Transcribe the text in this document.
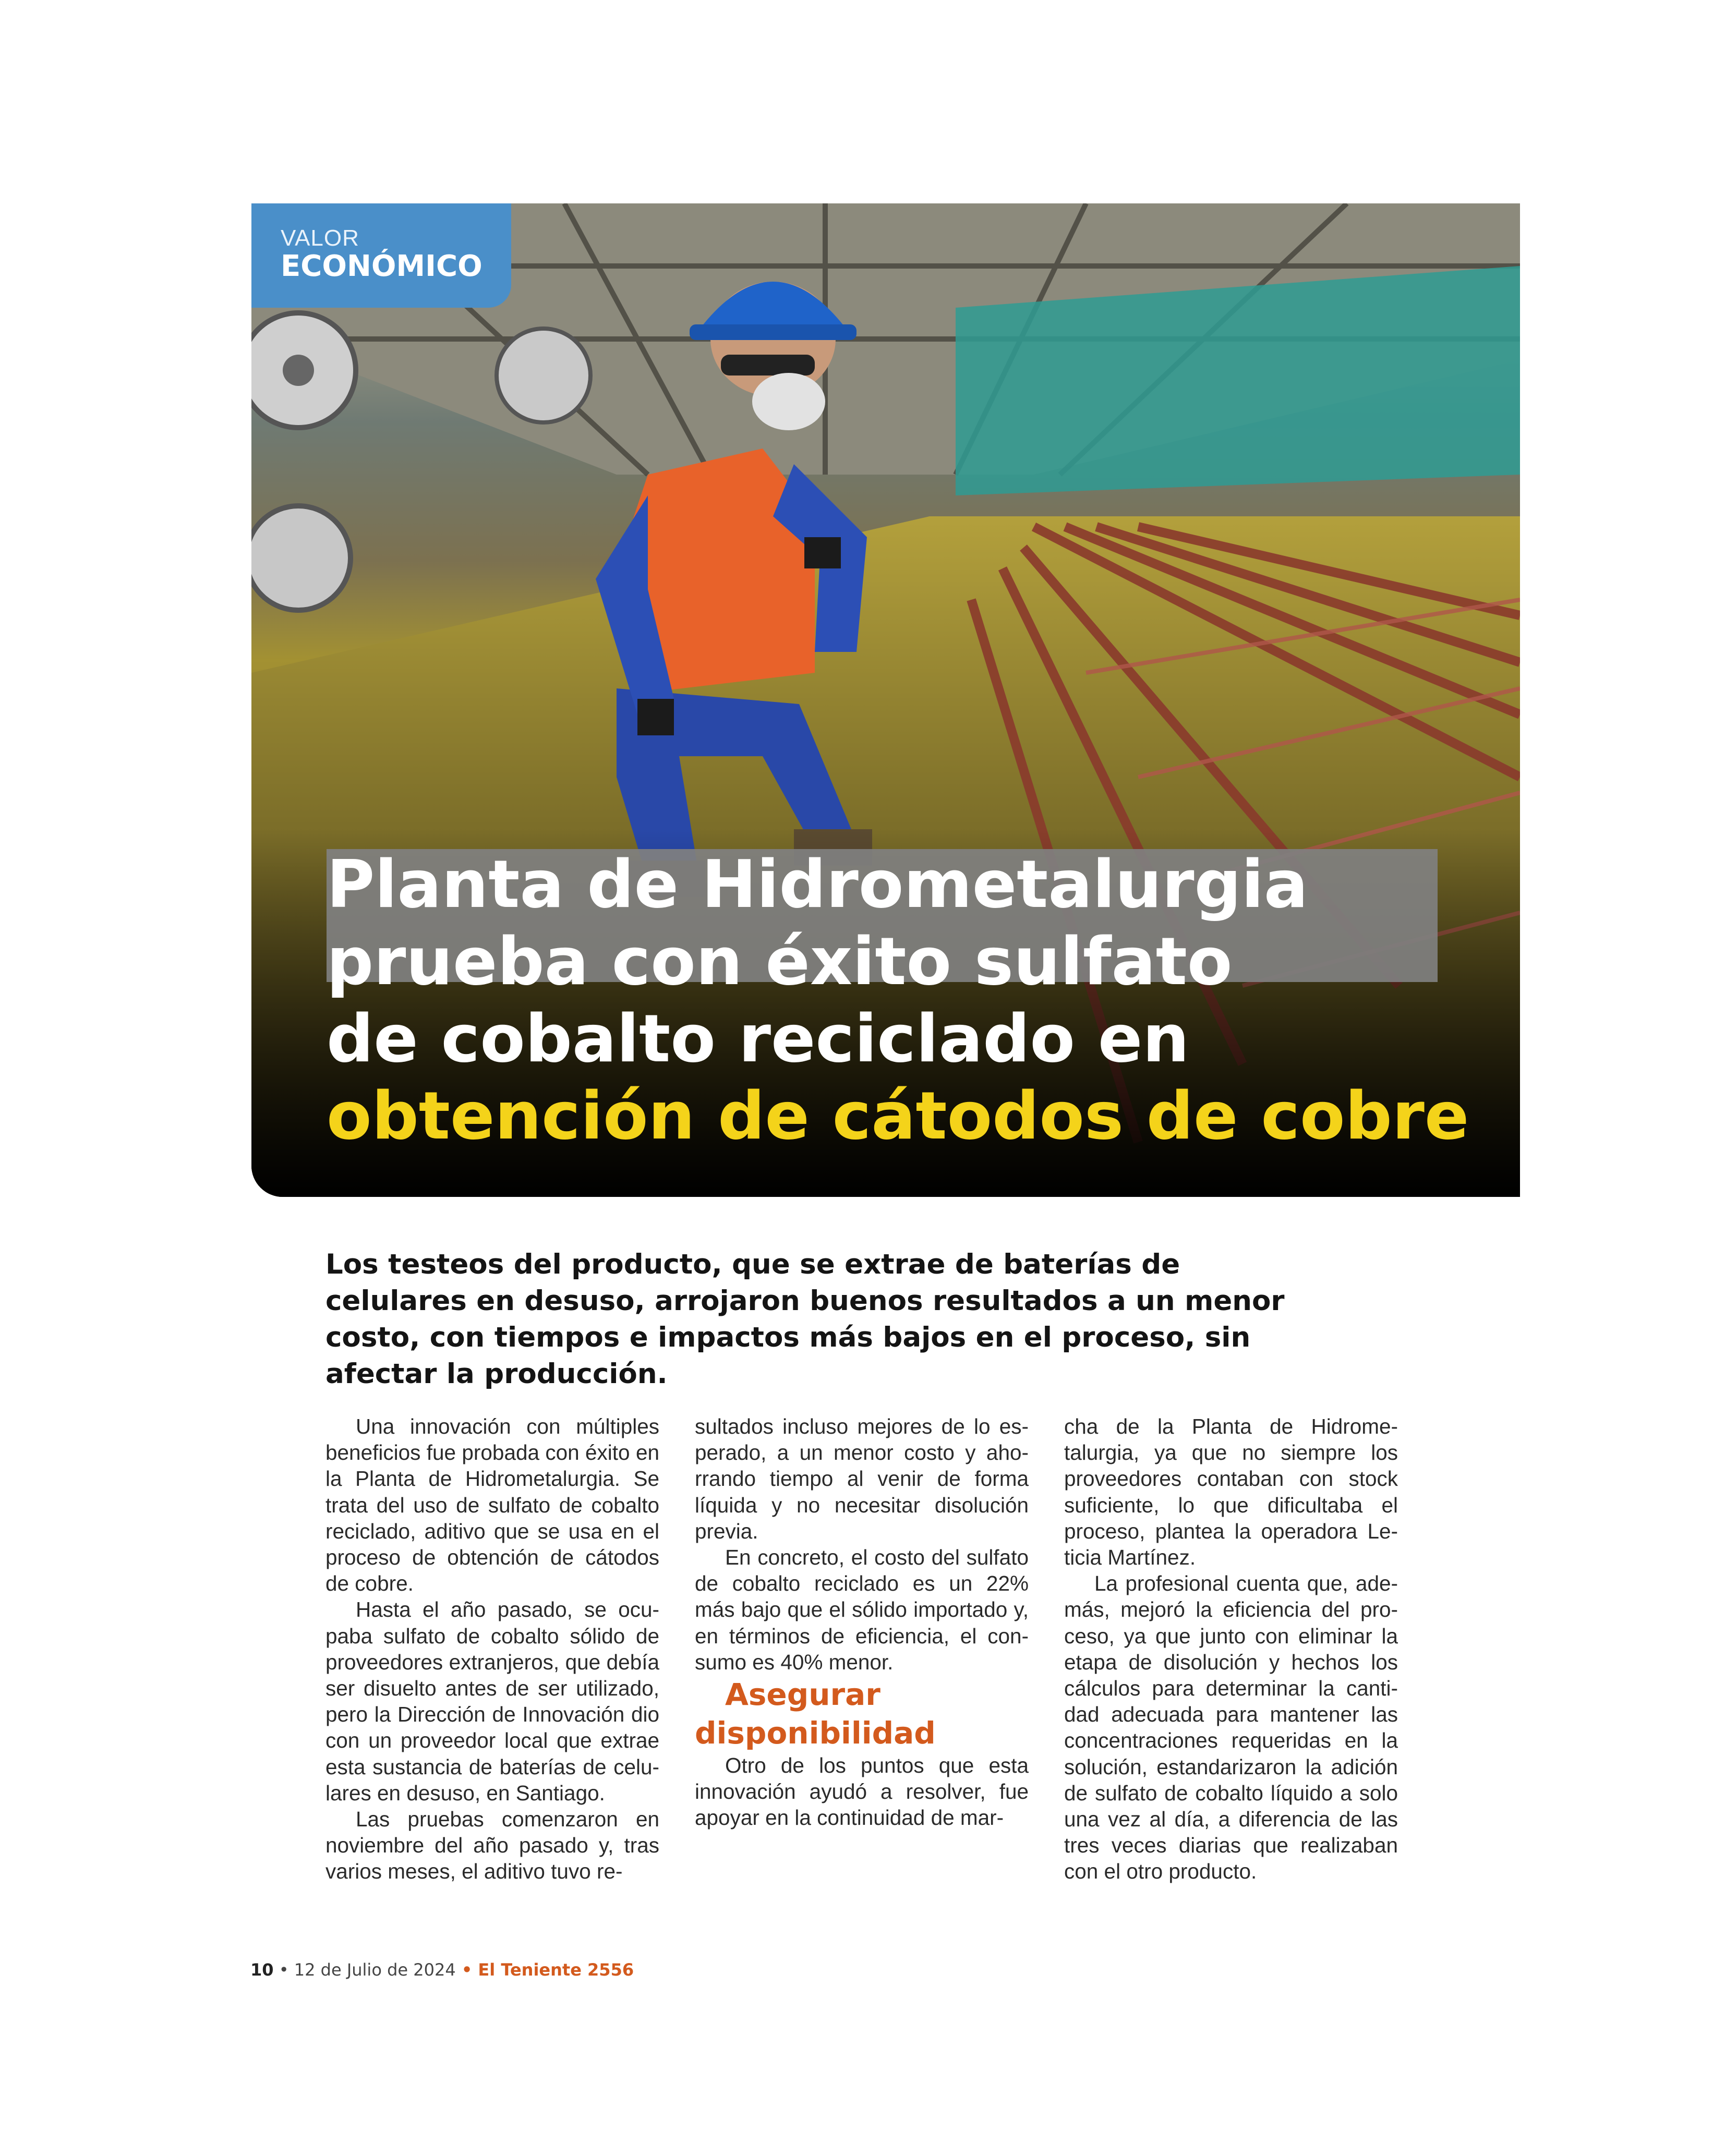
VALOR
ECONÓMICO
Planta de Hidrometalurgia
prueba con éxito sulfato
de cobalto reciclado en
obtención de cátodos de cobre

Los testeos del producto, que se extrae de baterías de celulares en desuso, arrojaron buenos resultados a un menor costo, con tiempos e impactos más bajos en el proceso, sin afectar la producción.

Una innovación con múltiples beneficios fue probada con éxito en la Planta de Hidrometalurgia. Se trata del uso de sulfato de cobalto reciclado, aditivo que se usa en el proceso de obtención de cátodos de cobre.

Hasta el año pasado, se ocupaba sulfato de cobalto sólido de proveedores extranjeros, que debía ser disuelto antes de ser utilizado, pero la Dirección de Innovación dio con un proveedor local que extrae esta sustancia de baterías de celulares en desuso, en Santiago.

Las pruebas comenzaron en noviembre del año pasado y, tras varios meses, el aditivo tuvo re-

sultados incluso mejores de lo esperado, a un menor costo y ahorrando tiempo al venir de forma líquida y no necesitar disolución previa.

En concreto, el costo del sulfato de cobalto reciclado es un 22% más bajo que el sólido importado y, en términos de eficiencia, el consumo es 40% menor.

Asegurar disponibilidad

Otro de los puntos que esta innovación ayudó a resolver, fue apoyar en la continuidad de mar-

cha de la Planta de Hidrometalurgia, ya que no siempre los proveedores contaban con stock suficiente, lo que dificultaba el proceso, plantea la operadora Leticia Martínez.

La profesional cuenta que, además, mejoró la eficiencia del proceso, ya que junto con eliminar la etapa de disolución y hechos los cálculos para determinar la cantidad adecuada para mantener las concentraciones requeridas en la solución, estandarizaron la adición de sulfato de cobalto líquido a solo una vez al día, a diferencia de las tres veces diarias que realizaban con el otro producto.

10 • 12 de Julio de 2024 • El Teniente 2556
